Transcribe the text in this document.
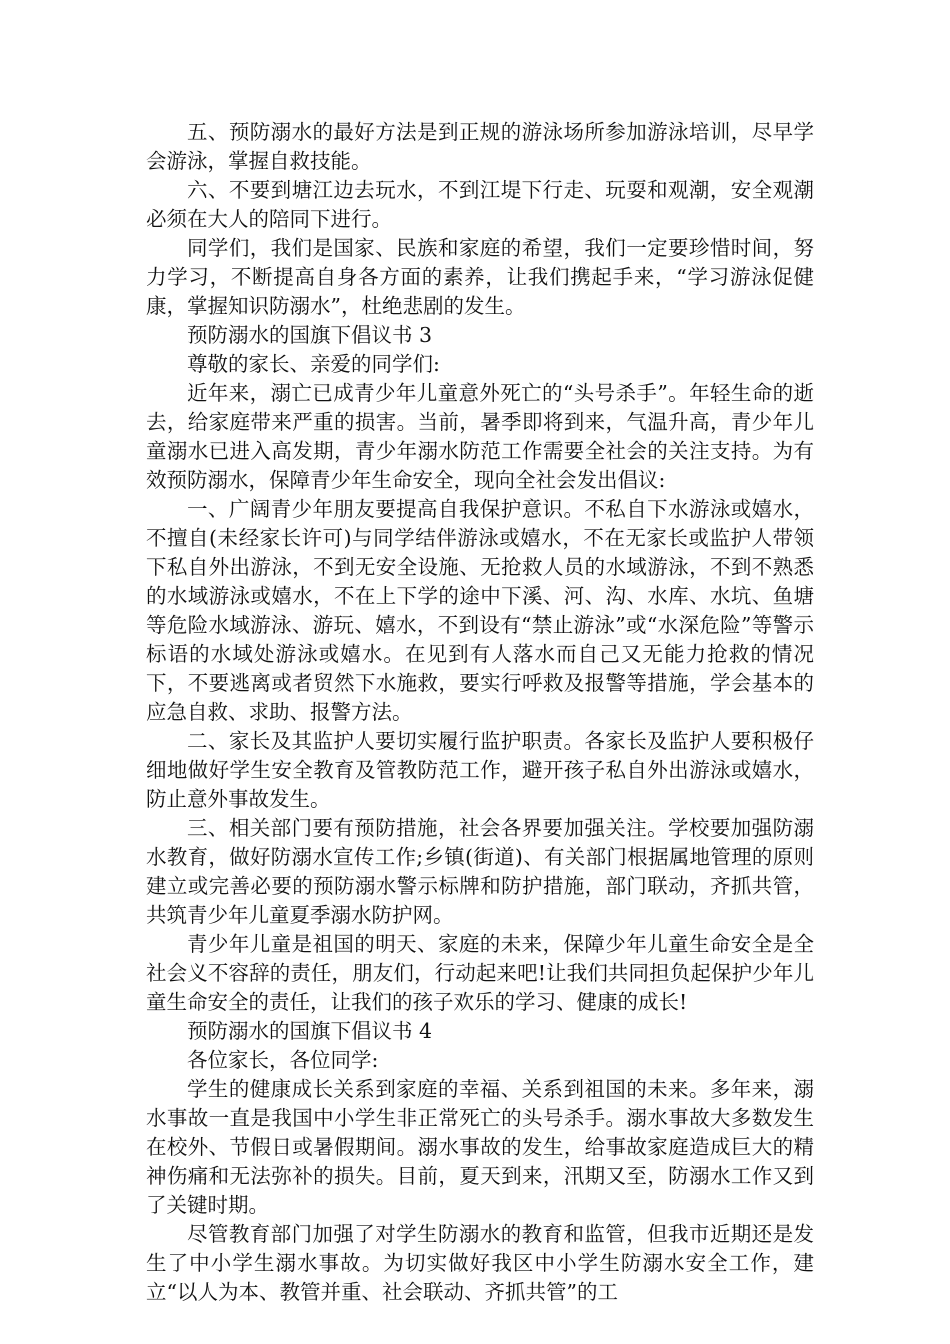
五、预防溺水的最好方法是到正规的游泳场所参加游泳培训，尽早学会游泳，掌握自救技能。

六、不要到塘江边去玩水，不到江堤下行走、玩耍和观潮，安全观潮必须在大人的陪同下进行。

同学们，我们是国家、民族和家庭的希望，我们一定要珍惜时间，努力学习，不断提高自身各方面的素养，让我们携起手来，“学习游泳促健康，掌握知识防溺水”，杜绝悲剧的发生。

预防溺水的国旗下倡议书 3

尊敬的家长、亲爱的同学们:

近年来，溺亡已成青少年儿童意外死亡的“头号杀手”。年轻生命的逝去，给家庭带来严重的损害。当前，暑季即将到来，气温升高，青少年儿童溺水已进入高发期，青少年溺水防范工作需要全社会的关注支持。为有效预防溺水，保障青少年生命安全，现向全社会发出倡议:

一、广阔青少年朋友要提高自我保护意识。不私自下水游泳或嬉水，不擅自(未经家长许可)与同学结伴游泳或嬉水，不在无家长或监护人带领下私自外出游泳，不到无安全设施、无抢救人员的水域游泳，不到不熟悉的水域游泳或嬉水，不在上下学的途中下溪、河、沟、水库、水坑、鱼塘等危险水域游泳、游玩、嬉水，不到设有“禁止游泳”或“水深危险”等警示标语的水域处游泳或嬉水。在见到有人落水而自己又无能力抢救的情况下，不要逃离或者贸然下水施救，要实行呼救及报警等措施，学会基本的应急自救、求助、报警方法。

二、家长及其监护人要切实履行监护职责。各家长及监护人要积极仔细地做好学生安全教育及管教防范工作，避开孩子私自外出游泳或嬉水，防止意外事故发生。

三、相关部门要有预防措施，社会各界要加强关注。学校要加强防溺水教育，做好防溺水宣传工作;乡镇(街道)、有关部门根据属地管理的原则建立或完善必要的预防溺水警示标牌和防护措施，部门联动，齐抓共管，共筑青少年儿童夏季溺水防护网。

青少年儿童是祖国的明天、家庭的未来，保障少年儿童生命安全是全社会义不容辞的责任，朋友们，行动起来吧!让我们共同担负起保护少年儿童生命安全的责任，让我们的孩子欢乐的学习、健康的成长!

预防溺水的国旗下倡议书 4

各位家长，各位同学:

学生的健康成长关系到家庭的幸福、关系到祖国的未来。多年来，溺水事故一直是我国中小学生非正常死亡的头号杀手。溺水事故大多数发生在校外、节假日或暑假期间。溺水事故的发生，给事故家庭造成巨大的精神伤痛和无法弥补的损失。目前，夏天到来，汛期又至，防溺水工作又到了关键时期。

尽管教育部门加强了对学生防溺水的教育和监管，但我市近期还是发生了中小学生溺水事故。为切实做好我区中小学生防溺水安全工作，建立“以人为本、教管并重、社会联动、齐抓共管”的工
